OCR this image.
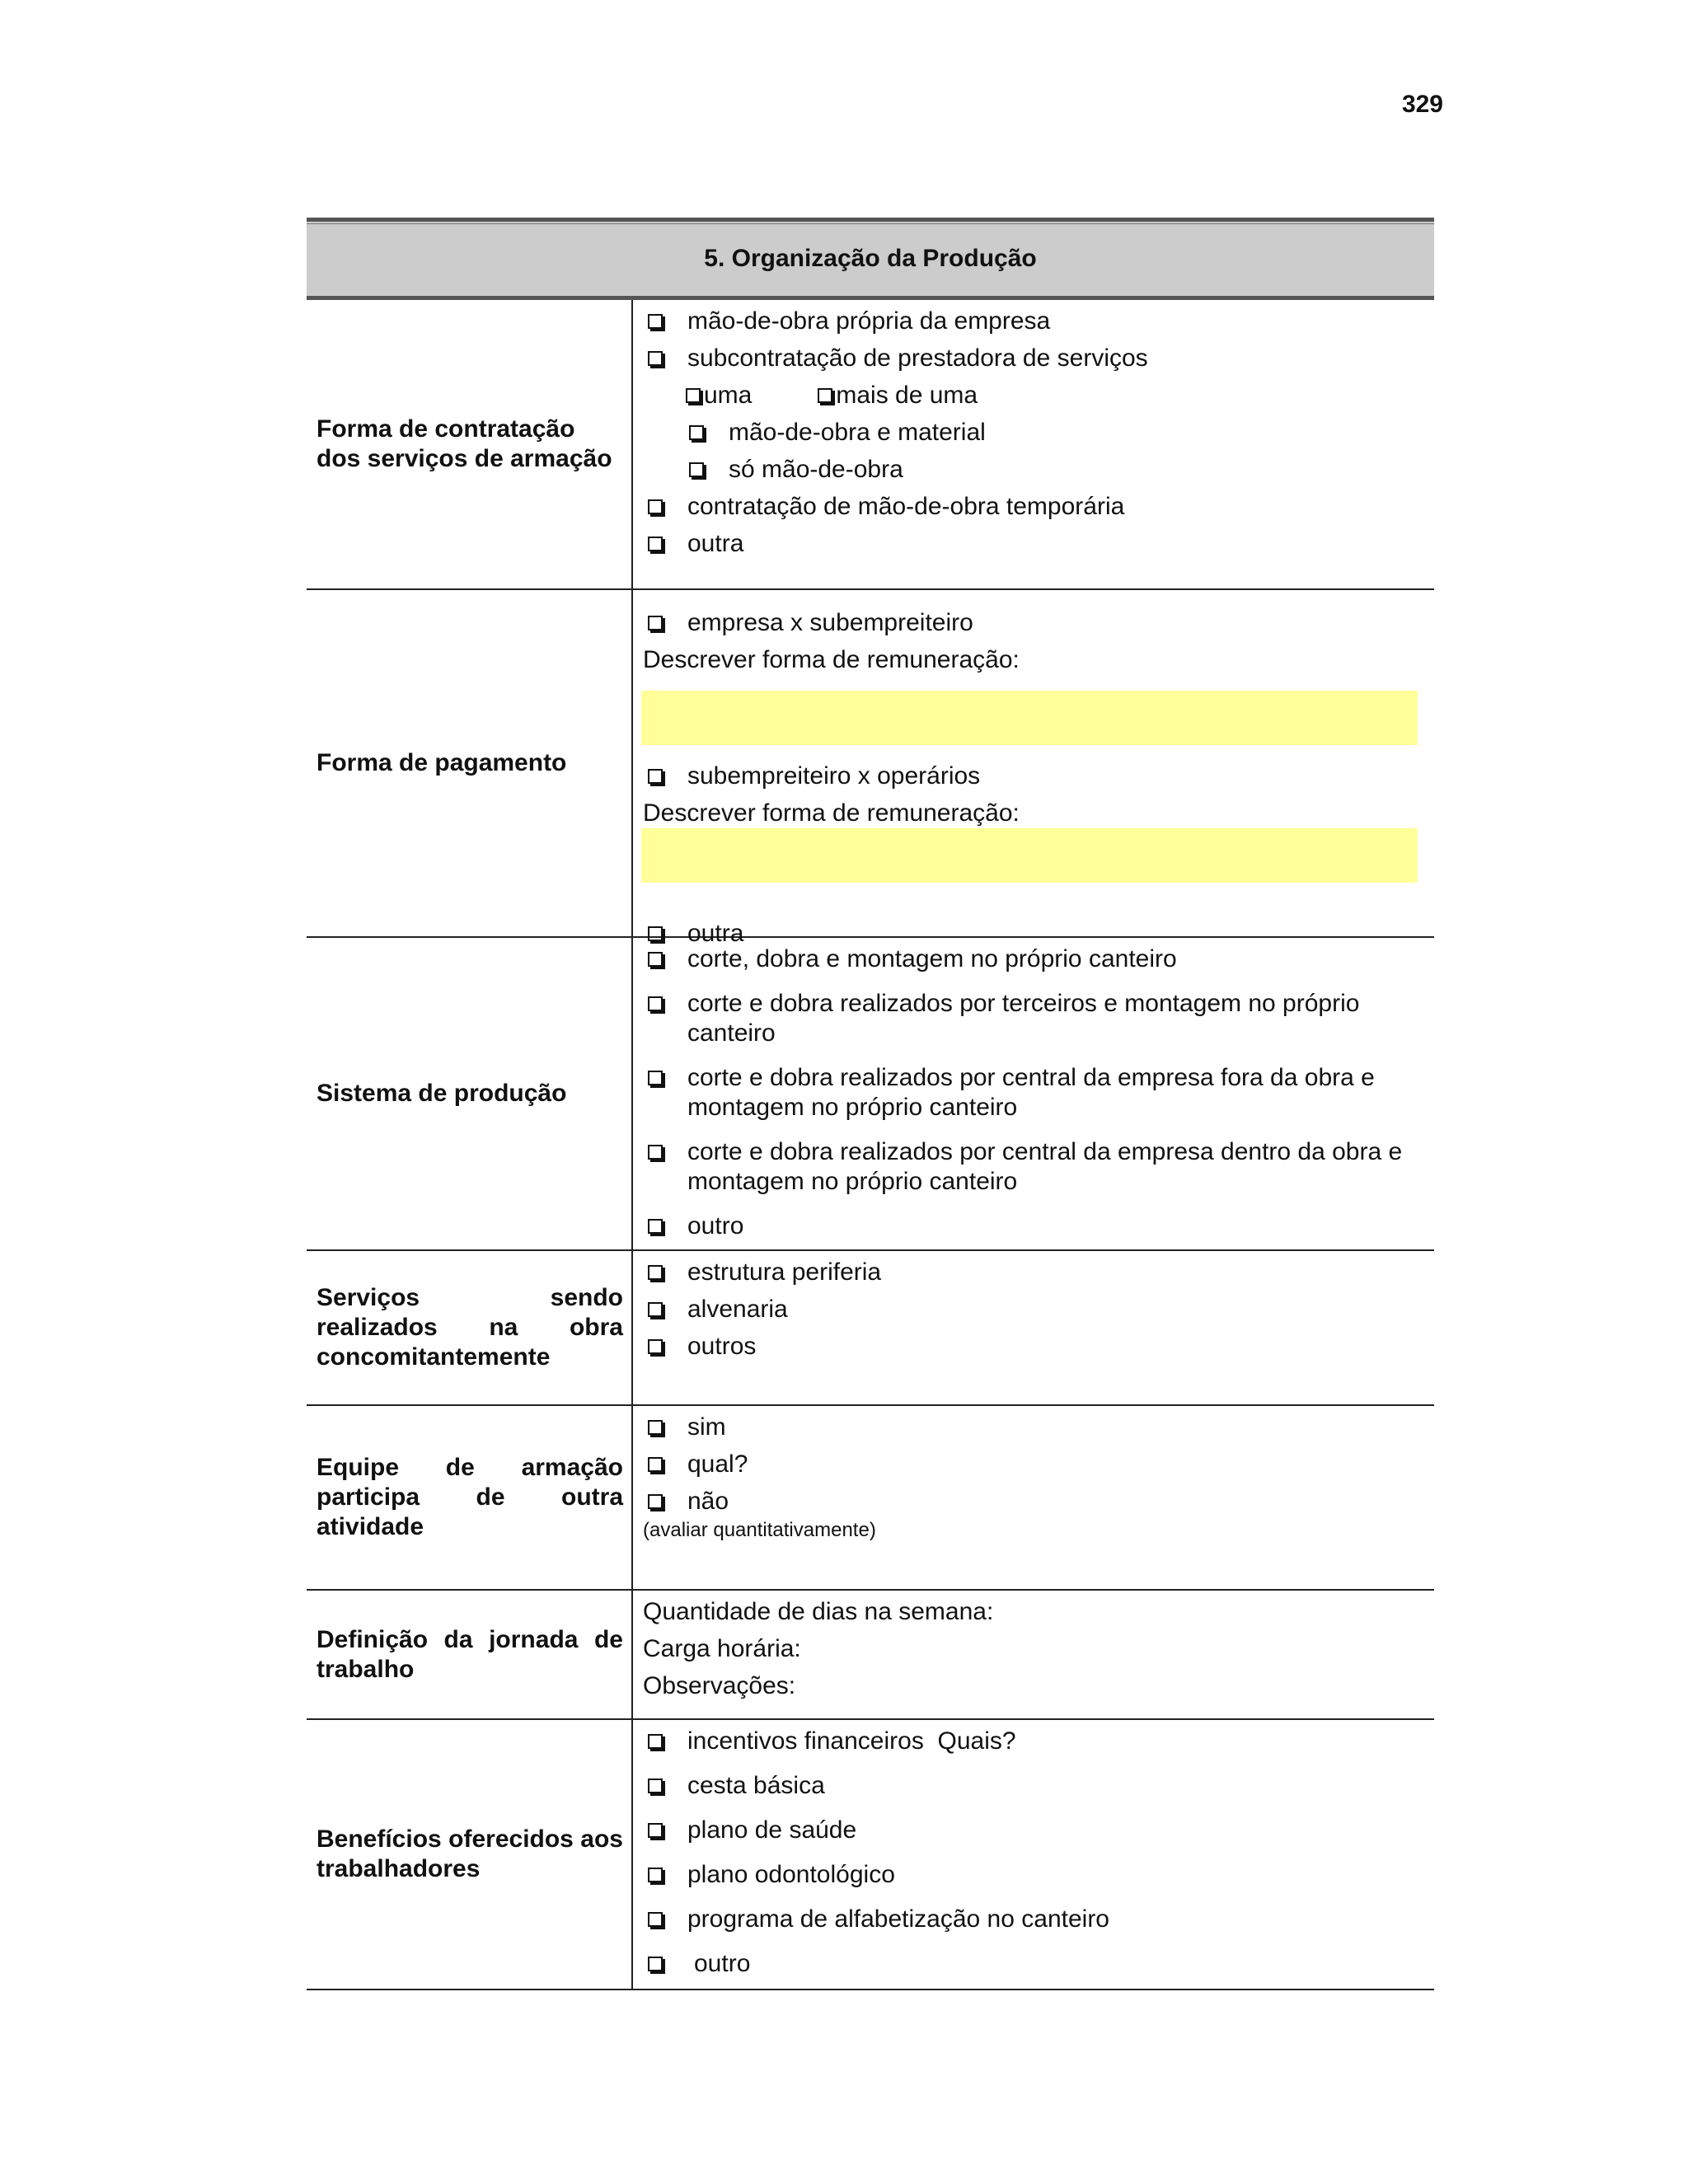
329
5. Organização da Produção
Forma de contratação dos serviços de armação
mão-de-obra própria da empresa
subcontratação de prestadora de serviços
uma	mais de uma
mão-de-obra e material
só mão-de-obra
contratação de mão-de-obra temporária
outra
Forma de pagamento
empresa x subempreiteiro
Descrever forma de remuneração:
subempreiteiro x operários
Descrever forma de remuneração:
outra
Sistema de produção
corte, dobra e montagem no próprio canteiro
corte e dobra realizados por terceiros e montagem no próprio canteiro
corte e dobra realizados por central da empresa fora da obra e montagem no próprio canteiro
corte e dobra realizados por central da empresa dentro da obra e montagem no próprio canteiro
outro
Serviços sendo realizados na obra concomitantemente
estrutura periferia
alvenaria
outros
Equipe de armação participa de outra atividade
sim
qual?
não
(avaliar quantitativamente)
Definição da jornada de trabalho
Quantidade de dias na semana:
Carga horária:
Observações:
Benefícios oferecidos aos trabalhadores
incentivos financeiros  Quais?
cesta básica
plano de saúde
plano odontológico
programa de alfabetização no canteiro
outro
